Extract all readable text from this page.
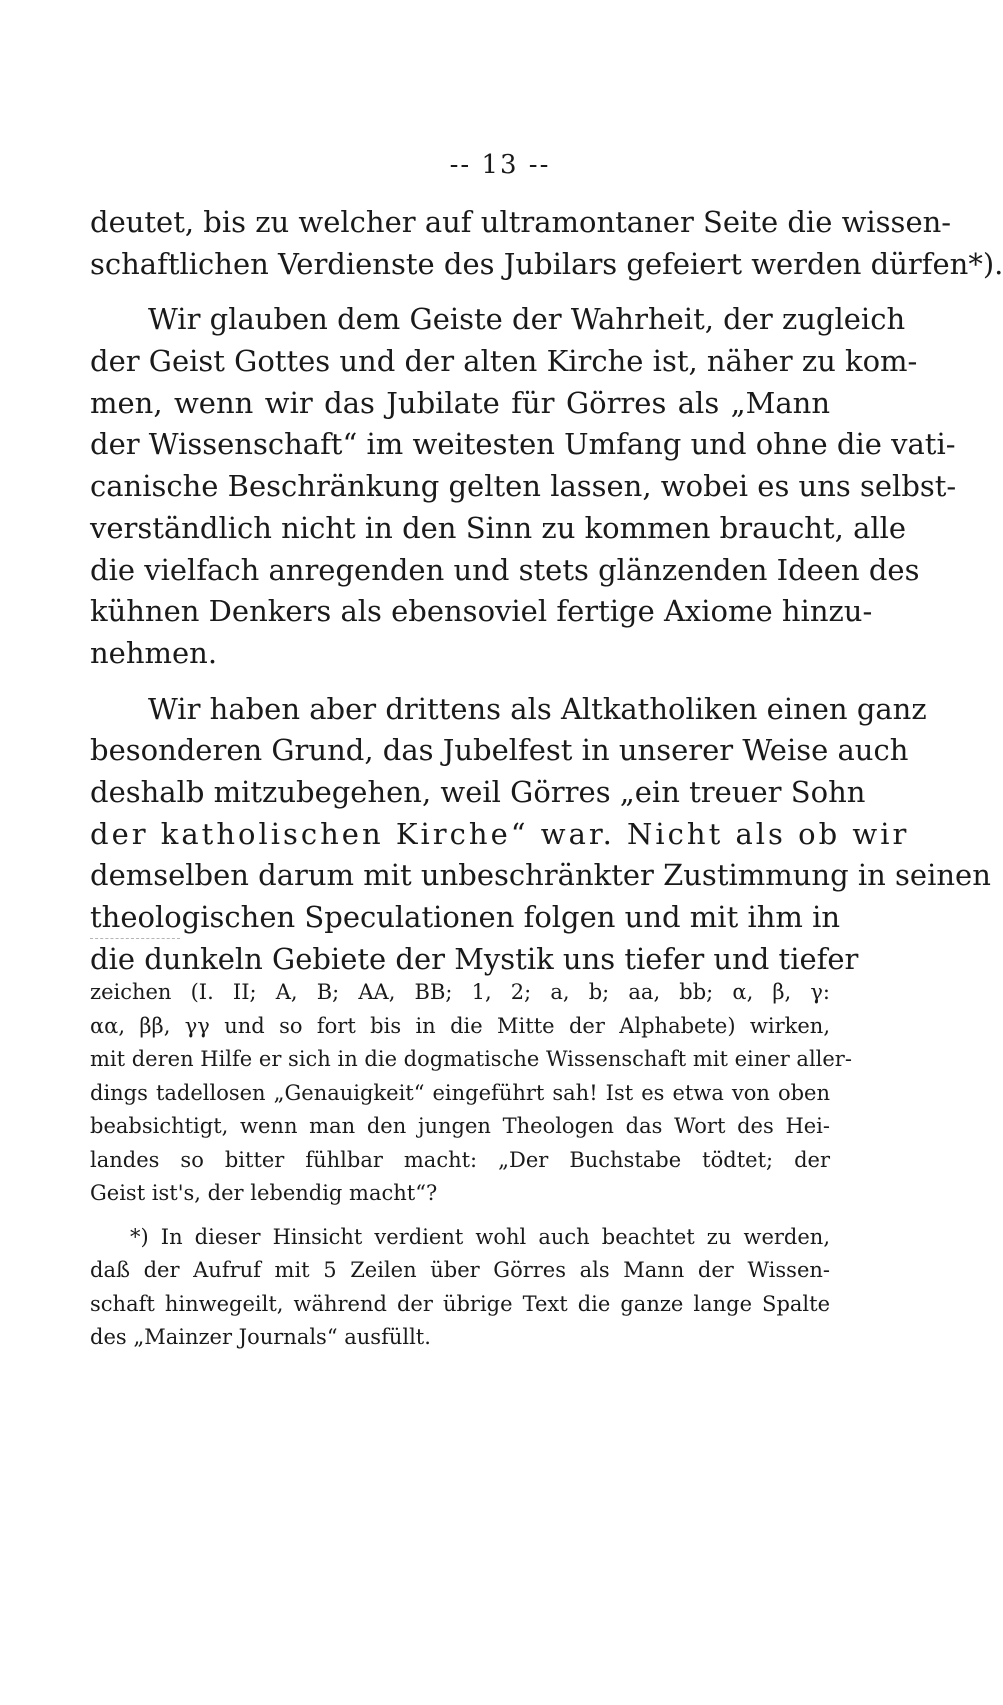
-- 13 --
deutet, bis zu welcher auf ultramontaner Seite die wissen-
schaftlichen Verdienste des Jubilars gefeiert werden dürfen*).
Wir glauben dem Geiste der Wahrheit, der zugleich
der Geist Gottes und der alten Kirche ist, näher zu kom-
men, wenn wir das Jubilate für Görres als „Mann
der Wissenschaft“ im weitesten Umfang und ohne die vati-
canische Beschränkung gelten lassen, wobei es uns selbst-
verständlich nicht in den Sinn zu kommen braucht, alle
die vielfach anregenden und stets glänzenden Ideen des
kühnen Denkers als ebensoviel fertige Axiome hinzu-
nehmen.
Wir haben aber drittens als Altkatholiken einen ganz
besonderen Grund, das Jubelfest in unserer Weise auch
deshalb mitzubegehen, weil Görres „ein treuer Sohn
der katholischen Kirche“ war. Nicht als ob wir
demselben darum mit unbeschränkter Zustimmung in seinen
theologischen Speculationen folgen und mit ihm in
die dunkeln Gebiete der Mystik uns tiefer und tiefer
zeichen (I. II; A, B; AA, BB; 1, 2; a, b; aa, bb; α, β, γ:
αα, ββ, γγ und so fort bis in die Mitte der Alphabete) wirken,
mit deren Hilfe er sich in die dogmatische Wissenschaft mit einer aller-
dings tadellosen „Genauigkeit“ eingeführt sah! Ist es etwa von oben
beabsichtigt, wenn man den jungen Theologen das Wort des Hei-
landes so bitter fühlbar macht: „Der Buchstabe tödtet; der
Geist ist's, der lebendig macht“?
*) In dieser Hinsicht verdient wohl auch beachtet zu werden,
daß der Aufruf mit 5 Zeilen über Görres als Mann der Wissen-
schaft hinwegeilt, während der übrige Text die ganze lange Spalte
des „Mainzer Journals“ ausfüllt.
